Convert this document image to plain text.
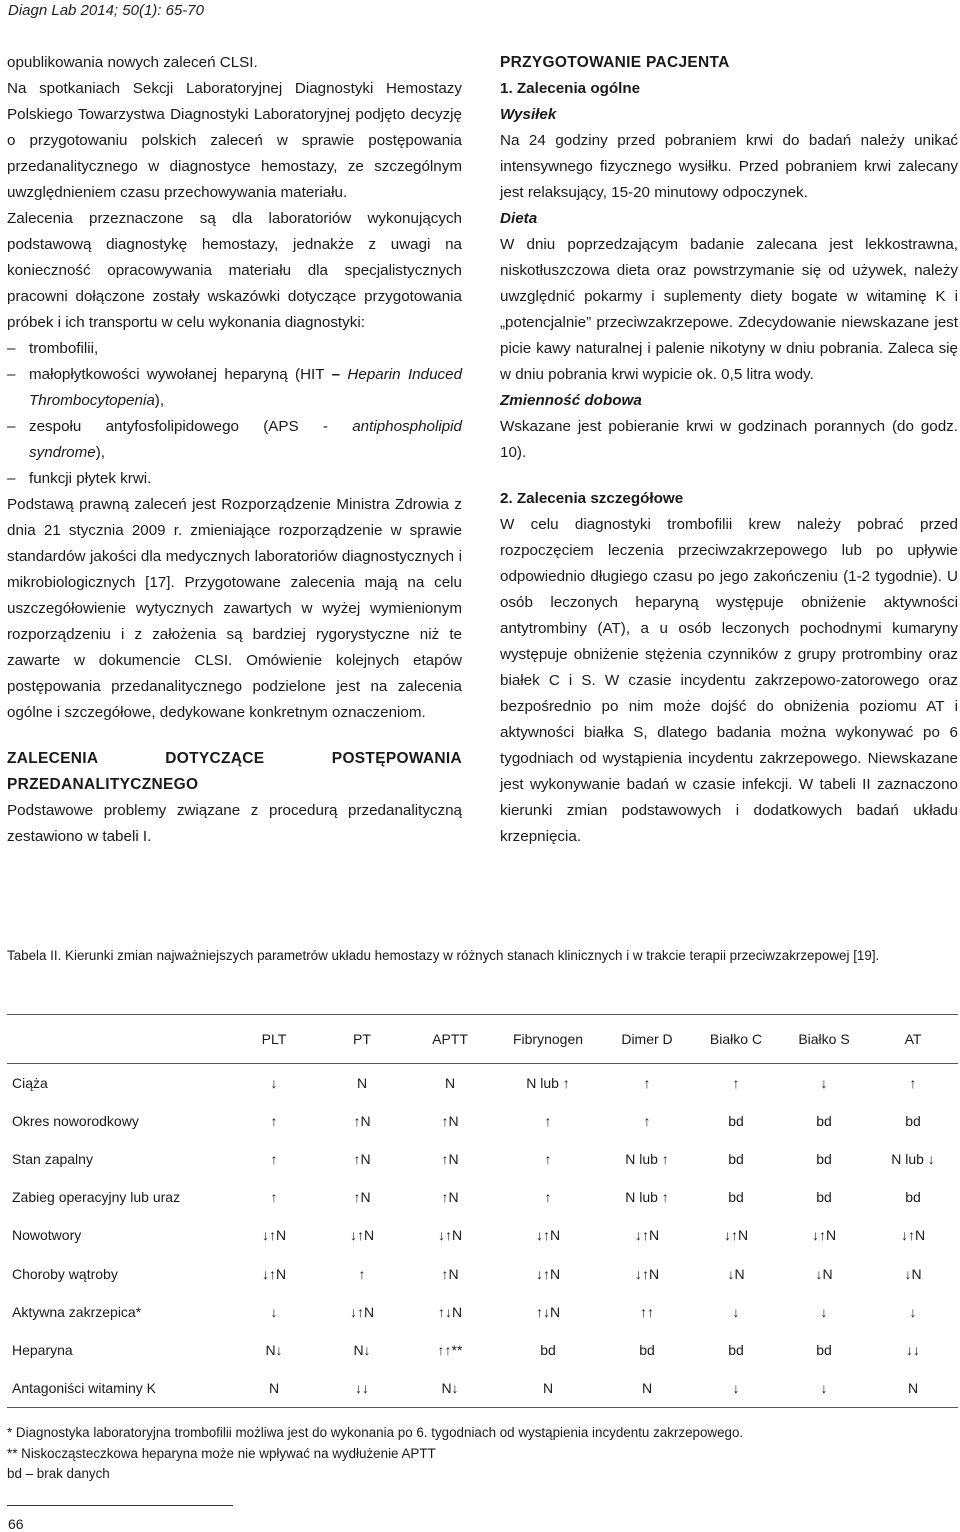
Diagn Lab 2014; 50(1): 65-70

opublikowania nowych zaleceń CLSI.

Na spotkaniach Sekcji Laboratoryjnej Diagnostyki Hemostazy Polskiego Towarzystwa Diagnostyki Laboratoryjnej podjęto decyzję o przygotowaniu polskich zaleceń w sprawie postępowania przedanalitycznego w diagnostyce hemostazy, ze szczególnym uwzględnieniem czasu przechowywania materiału.

Zalecenia przeznaczone są dla laboratoriów wykonujących podstawową diagnostykę hemostazy, jednakże z uwagi na konieczność opracowywania materiału dla specjalistycznych pracowni dołączone zostały wskazówki dotyczące przygotowania próbek i ich transportu w celu wykonania diagnostyki:

– trombofilii,

– małopłytkowości wywołanej heparyną (HIT – Heparin Induced Thrombocytopenia),

– zespołu antyfosfolipidowego (APS - antiphospholipid syndrome),

– funkcji płytek krwi.

Podstawą prawną zaleceń jest Rozporządzenie Ministra Zdrowia z dnia 21 stycznia 2009 r. zmieniające rozporządzenie w sprawie standardów jakości dla medycznych laboratoriów diagnostycznych i mikrobiologicznych [17]. Przygotowane zalecenia mają na celu uszczegółowienie wytycznych zawartych w wyżej wymienionym rozporządzeniu i z założenia są bardziej rygorystyczne niż te zawarte w dokumencie CLSI. Omówienie kolejnych etapów postępowania przedanalitycznego podzielone jest na zalecenia ogólne i szczegółowe, dedykowane konkretnym oznaczeniom.

ZALECENIA DOTYCZĄCE POSTĘPOWANIA PRZEDANALITYCZNEGO

Podstawowe problemy związane z procedurą przedanalityczną zestawiono w tabeli I.

PRZYGOTOWANIE PACJENTA

1. Zalecenia ogólne

Wysiłek

Na 24 godziny przed pobraniem krwi do badań należy unikać intensywnego fizycznego wysiłku. Przed pobraniem krwi zalecany jest relaksujący, 15-20 minutowy odpoczynek.

Dieta

W dniu poprzedzającym badanie zalecana jest lekkostrawna, niskotłuszczowa dieta oraz powstrzymanie się od używek, należy uwzględnić pokarmy i suplementy diety bogate w witaminę K i „potencjalnie” przeciwzakrzepowe. Zdecydowanie niewskazane jest picie kawy naturalnej i palenie nikotyny w dniu pobrania. Zaleca się w dniu pobrania krwi wypicie ok. 0,5 litra wody.

Zmienność dobowa

Wskazane jest pobieranie krwi w godzinach porannych (do godz. 10).

2. Zalecenia szczegółowe

W celu diagnostyki trombofilii krew należy pobrać przed rozpoczęciem leczenia przeciwzakrzepowego lub po upływie odpowiednio długiego czasu po jego zakończeniu (1-2 tygodnie). U osób leczonych heparyną występuje obniżenie aktywności antytrombiny (AT), a u osób leczonych pochodnymi kumaryny występuje obniżenie stężenia czynników z grupy protrombiny oraz białek C i S. W czasie incydentu zakrzepowo-zatorowego oraz bezpośrednio po nim może dojść do obniżenia poziomu AT i aktywności białka S, dlatego badania można wykonywać po 6 tygodniach od wystąpienia incydentu zakrzepowego. Niewskazane jest wykonywanie badań w czasie infekcji. W tabeli II zaznaczono kierunki zmian podstawowych i dodatkowych badań układu krzepnięcia.

Tabela II. Kierunki zmian najważniejszych parametrów układu hemostazy w różnych stanach klinicznych i w trakcie terapii przeciwzakrzepowej [19].
	PLT	PT	APTT	Fibrynogen	Dimer D	Białko C	Białko S	AT
Ciąża	↓	N	N	N lub ↑	↑	↑	↓	↑
Okres noworodkowy	↑	↑N	↑N	↑	↑	bd	bd	bd
Stan zapalny	↑	↑N	↑N	↑	N lub ↑	bd	bd	N lub ↓
Zabieg operacyjny lub uraz	↑	↑N	↑N	↑	N lub ↑	bd	bd	bd
Nowotwory	↓↑N	↓↑N	↓↑N	↓↑N	↓↑N	↓↑N	↓↑N	↓↑N
Choroby wątroby	↓↑N	↑	↑N	↓↑N	↓↑N	↓N	↓N	↓N
Aktywna zakrzepica*	↓	↓↑N	↑↓N	↑↓N	↑↑	↓	↓	↓
Heparyna	N↓	N↓	↑↑**	bd	bd	bd	bd	↓↓
Antagoniści witaminy K	N	↓↓	N↓	N	N	↓	↓	N
* Diagnostyka laboratoryjna trombofilii możliwa jest do wykonania po 6. tygodniach od wystąpienia incydentu zakrzepowego.
** Niskocząsteczkowa heparyna może nie wpływać na wydłużenie APTT
bd – brak danych
66
